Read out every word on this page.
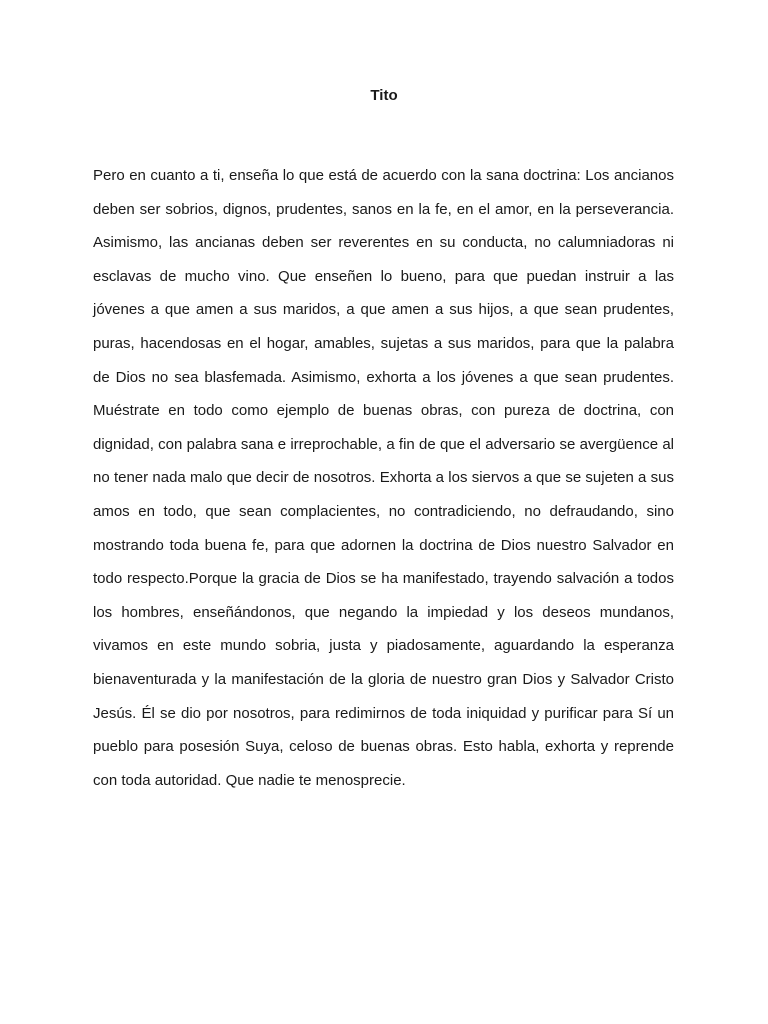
Tito

Pero en cuanto a ti, enseña lo que está de acuerdo con la sana doctrina: Los ancianos deben ser sobrios, dignos, prudentes, sanos en la fe, en el amor, en la perseverancia. Asimismo, las ancianas deben ser reverentes en su conducta, no calumniadoras ni esclavas de mucho vino. Que enseñen lo bueno, para que puedan instruir a las jóvenes a que amen a sus maridos, a que amen a sus hijos, a que sean prudentes, puras, hacendosas en el hogar, amables, sujetas a sus maridos, para que la palabra de Dios no sea blasfemada. Asimismo, exhorta a los jóvenes a que sean prudentes. Muéstrate en todo como ejemplo de buenas obras, con pureza de doctrina, con dignidad, con palabra sana e irreprochable, a fin de que el adversario se avergüence al no tener nada malo que decir de nosotros. Exhorta a los siervos a que se sujeten a sus amos en todo, que sean complacientes, no contradiciendo, no defraudando, sino mostrando toda buena fe, para que adornen la doctrina de Dios nuestro Salvador en todo respecto.Porque la gracia de Dios se ha manifestado, trayendo salvación a todos los hombres, enseñándonos, que negando la impiedad y los deseos mundanos, vivamos en este mundo sobria, justa y piadosamente, aguardando la esperanza bienaventurada y la manifestación de la gloria de nuestro gran Dios y Salvador Cristo Jesús. Él se dio por nosotros, para redimirnos de toda iniquidad y purificar para Sí un pueblo para posesión Suya, celoso de buenas obras. Esto habla, exhorta y reprende con toda autoridad. Que nadie te menosprecie.
